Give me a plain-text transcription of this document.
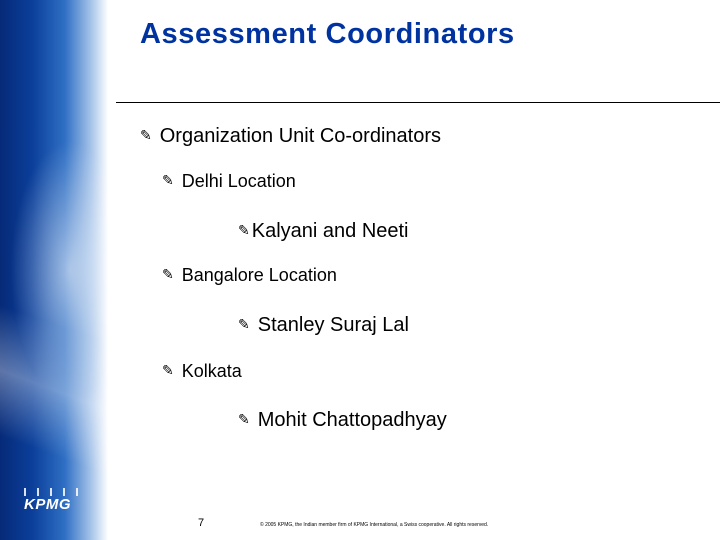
KPMG
Assessment Coordinators
✎ Organization Unit Co-ordinators
✎ Delhi Location
✎ Kalyani and Neeti
✎ Bangalore Location
✎ Stanley Suraj Lal
✎ Kolkata
✎ Mohit Chattopadhyay
7	© 2005 KPMG, the Indian member firm of KPMG International, a Swiss cooperative. All rights reserved.
